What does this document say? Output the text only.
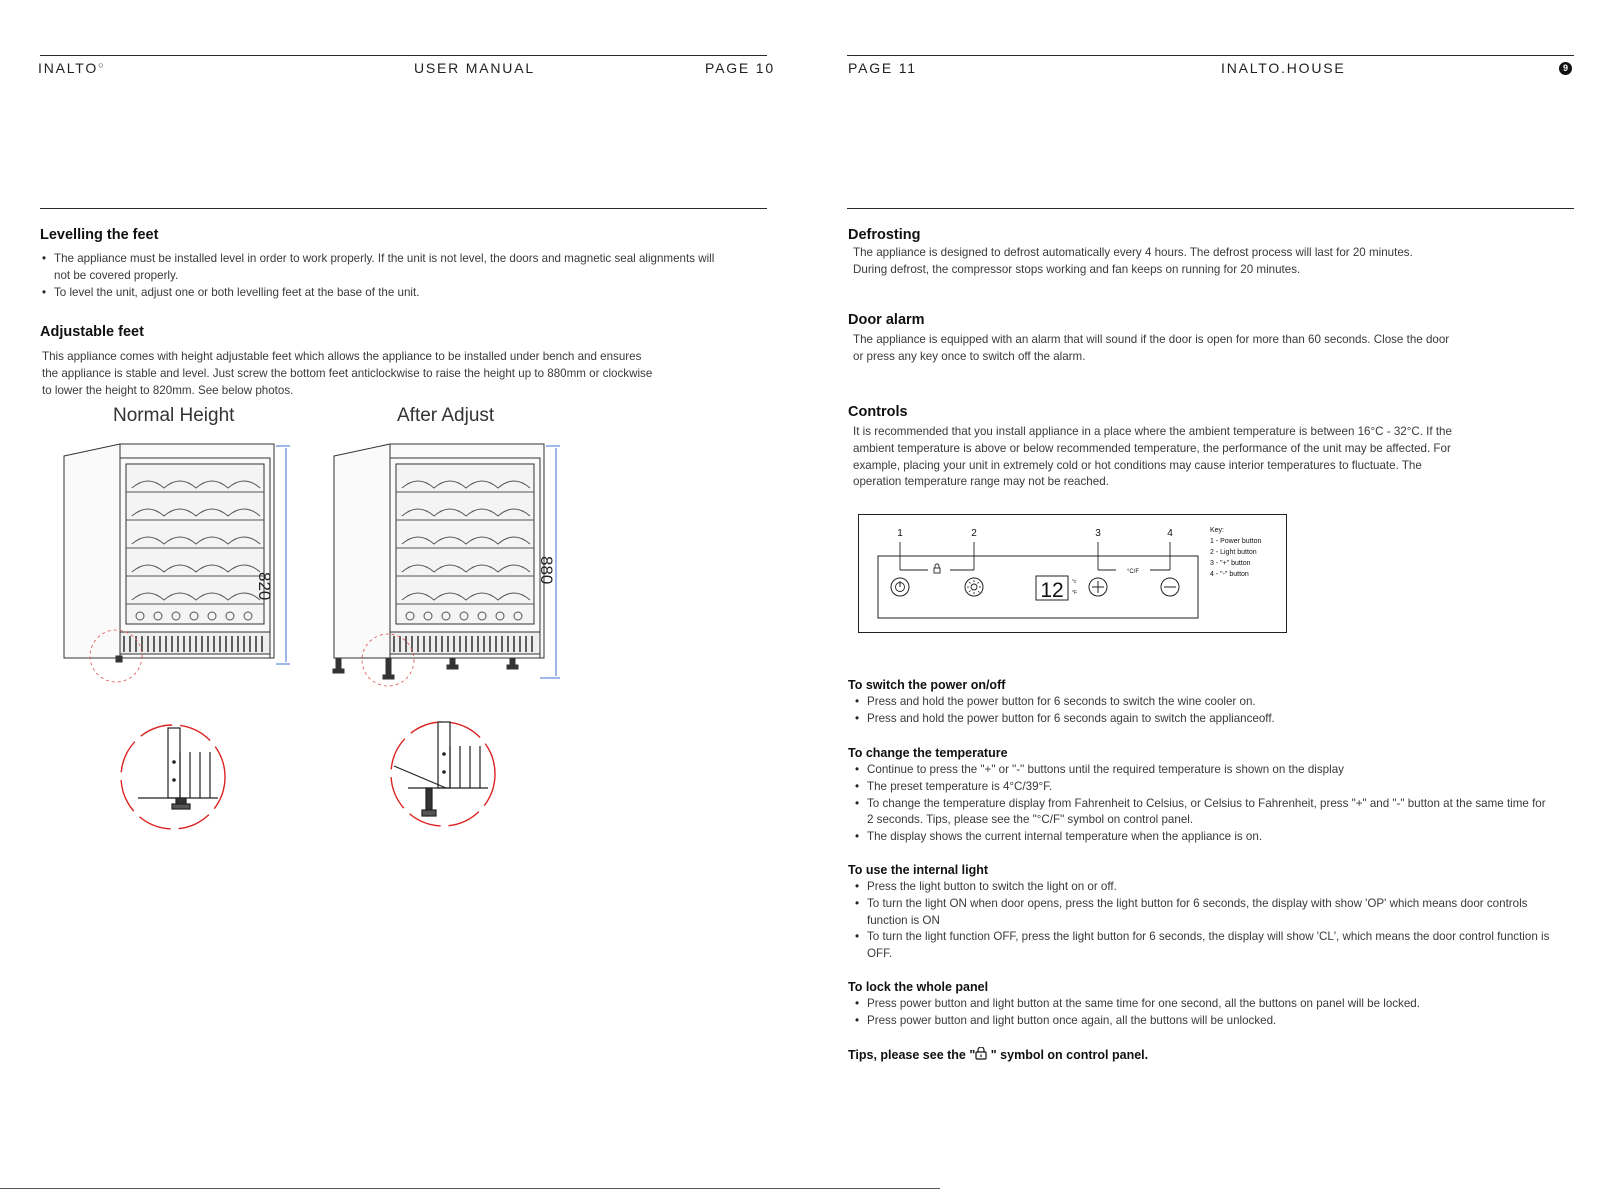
INALTO○	USER MANUAL	PAGE 10
Levelling the feet
• The appliance must be installed level in order to work properly. If the unit is not level, the doors and magnetic seal alignments will not be covered properly.
• To level the unit, adjust one or both levelling feet at the base of the unit.
Adjustable feet
This appliance comes with height adjustable feet which allows the appliance to be installed under bench and ensures
the appliance is stable and level. Just screw the bottom feet anticlockwise to raise the height up to 880mm or clockwise
to lower the height to 820mm. See below photos.
Normal Height	After Adjust
820
880
PAGE 11	INALTO.HOUSE	9
Defrosting
The appliance is designed to defrost automatically every 4 hours. The defrost process will last for 20 minutes.
During defrost, the compressor stops working and fan keeps on running for 20 minutes.
Door alarm
The appliance is equipped with an alarm that will sound if the door is open for more than 60 seconds. Close the door
or press any key once to switch off the alarm.
Controls
It is recommended that you install appliance in a place where the ambient temperature is between 16°C - 32°C. If the
ambient temperature is above or below recommended temperature, the performance of the unit may be affected. For
example, placing your unit in extremely cold or hot conditions may cause interior temperatures to fluctuate. The
operation temperature range may not be reached.
1	2	3	4
°C/F
12 °c
°F
Key:
1 - Power button
2 - Light button
3 - "+" button
4 - "-" button
To switch the power on/off
• Press and hold the power button for 6 seconds to switch the wine cooler on.
• Press and hold the power button for 6 seconds again to switch the applianceoff.
To change the temperature
• Continue to press the "+" or "-" buttons until the required temperature is shown on the display
• The preset temperature is 4°C/39°F.
• To change the temperature display from Fahrenheit to Celsius, or Celsius to Fahrenheit, press "+" and "-" button at the same time for 2 seconds. Tips, please see the "°C/F" symbol on control panel.
• The display shows the current internal temperature when the appliance is on.
To use the internal light
• Press the light button to switch the light on or off.
• To turn the light ON when door opens, press the light button for 6 seconds, the display with show 'OP' which means door controls function is ON
• To turn the light function OFF, press the light button for 6 seconds, the display will show 'CL', which means the door control function is OFF.
To lock the whole panel
• Press power button and light button at the same time for one second, all the buttons on panel will be locked.
• Press power button and light button once again, all the buttons will be unlocked.
Tips, please see the " " symbol on control panel.
